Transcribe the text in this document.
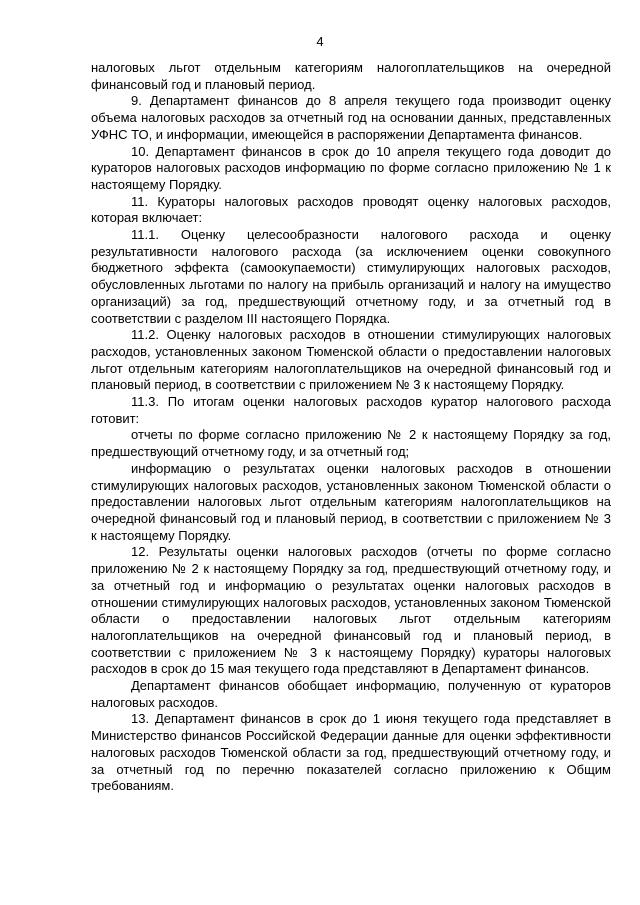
4

налоговых льгот отдельным категориям налогоплательщиков на очередной финансовый год и плановый период.

9. Департамент финансов до 8 апреля текущего года производит оценку объема налоговых расходов за отчетный год на основании данных, представленных УФНС ТО, и информации, имеющейся в распоряжении Департамента финансов.

10. Департамент финансов в срок до 10 апреля текущего года доводит до кураторов налоговых расходов информацию по форме согласно приложению № 1 к настоящему Порядку.

11. Кураторы налоговых расходов проводят оценку налоговых расходов, которая включает:

11.1. Оценку целесообразности налогового расхода и оценку результативности налогового расхода (за исключением оценки совокупного бюджетного эффекта (самоокупаемости) стимулирующих налоговых расходов, обусловленных льготами по налогу на прибыль организаций и налогу на имущество организаций) за год, предшествующий отчетному году, и за отчетный год в соответствии с разделом III настоящего Порядка.

11.2. Оценку налоговых расходов в отношении стимулирующих налоговых расходов, установленных законом Тюменской области о предоставлении налоговых льгот отдельным категориям налогоплательщиков на очередной финансовый год и плановый период, в соответствии с приложением № 3 к настоящему Порядку.

11.3. По итогам оценки налоговых расходов куратор налогового расхода готовит:

отчеты по форме согласно приложению № 2 к настоящему Порядку за год, предшествующий отчетному году, и за отчетный год;

информацию о результатах оценки налоговых расходов в отношении стимулирующих налоговых расходов, установленных законом Тюменской области о предоставлении налоговых льгот отдельным категориям налогоплательщиков на очередной финансовый год и плановый период, в соответствии с приложением № 3 к настоящему Порядку.

12. Результаты оценки налоговых расходов (отчеты по форме согласно приложению № 2 к настоящему Порядку за год, предшествующий отчетному году, и за отчетный год и информацию о результатах оценки налоговых расходов в отношении стимулирующих налоговых расходов, установленных законом Тюменской области о предоставлении налоговых льгот отдельным категориям налогоплательщиков на очередной финансовый год и плановый период, в соответствии с приложением № 3 к настоящему Порядку) кураторы налоговых расходов в срок до 15 мая текущего года представляют в Департамент финансов.

Департамент финансов обобщает информацию, полученную от кураторов налоговых расходов.

13. Департамент финансов в срок до 1 июня текущего года представляет в Министерство финансов Российской Федерации данные для оценки эффективности налоговых расходов Тюменской области за год, предшествующий отчетному году, и за отчетный год по перечню показателей согласно приложению к Общим требованиям.
